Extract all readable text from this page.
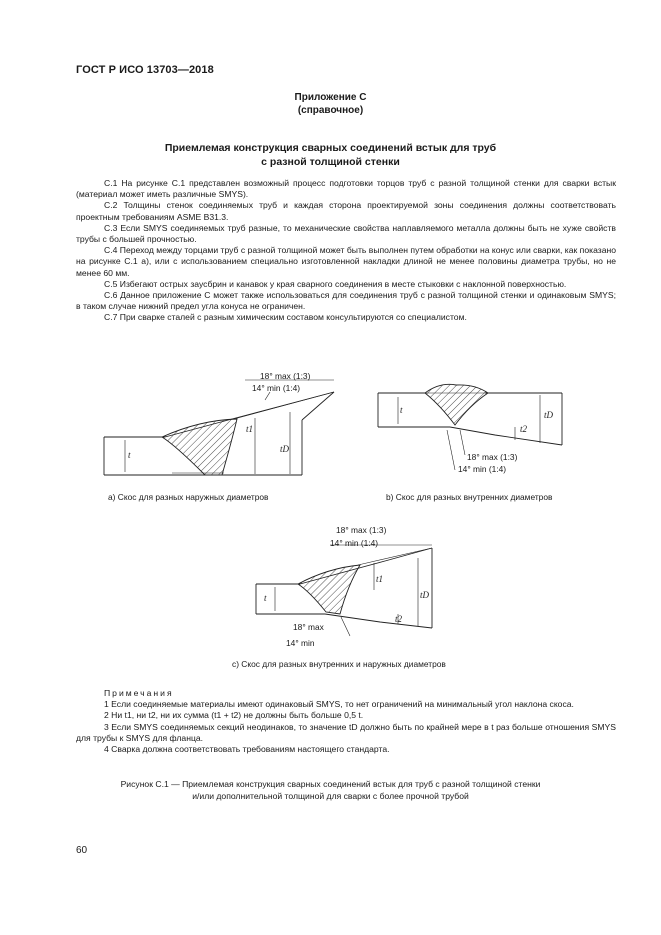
ГОСТ Р ИСО 13703—2018
Приложение С
(справочное)
Приемлемая конструкция сварных соединений встык для труб
с разной толщиной стенки

С.1 На рисунке С.1 представлен возможный процесс подготовки торцов труб с разной толщиной стенки для сварки встык (материал может иметь различные SMYS).

С.2 Толщины стенок соединяемых труб и каждая сторона проектируемой зоны соединения должны соответствовать проектным требованиям ASME B31.3.

С.3 Если SMYS соединяемых труб разные, то механические свойства наплавляемого металла должны быть не хуже свойств трубы с большей прочностью.

С.4 Переход между торцами труб с разной толщиной может быть выполнен путем обработки на конус или сварки, как показано на рисунке С.1 а), или с использованием специально изготовленной накладки длиной не менее половины диаметра трубы, но не менее 60 мм.

С.5 Избегают острых заусбрин и канавок у края сварного соединения в месте стыковки с наклонной поверхностью.

С.6 Данное приложение С может также использоваться для соединения труб с разной толщиной стенки и одинаковым SMYS; в таком случае нижний предел угла конуса не ограничен.

С.7 При сварке сталей с разным химическим составом консультируются со специалистом.

18° max (1:3)
14° min (1:4)
t
t1
tD
а) Скос для разных наружных диаметров
t
t2
tD
18° max (1:3)
14° min (1:4)
b) Скос для разных внутренних диаметров
18° max (1:3)
14° min (1:4)
t
t1
t2
tD
18° max
14° min
с) Скос для разных внутренних и наружных диаметров

Примечания

1 Если соединяемые материалы имеют одинаковый SMYS, то нет ограничений на минимальный угол наклона скоса.

2 Ни t1, ни t2, ни их сумма (t1 + t2) не должны быть больше 0,5 t.

3 Если SMYS соединяемых секций неодинаков, то значение tD должно быть по крайней мере в t раз больше отношения SMYS для трубы к SMYS для фланца.

4 Сварка должна соответствовать требованиям настоящего стандарта.

Рисунок С.1 — Приемлемая конструкция сварных соединений встык для труб с разной толщиной стенки
и/или дополнительной толщиной для сварки с более прочной трубой
60
